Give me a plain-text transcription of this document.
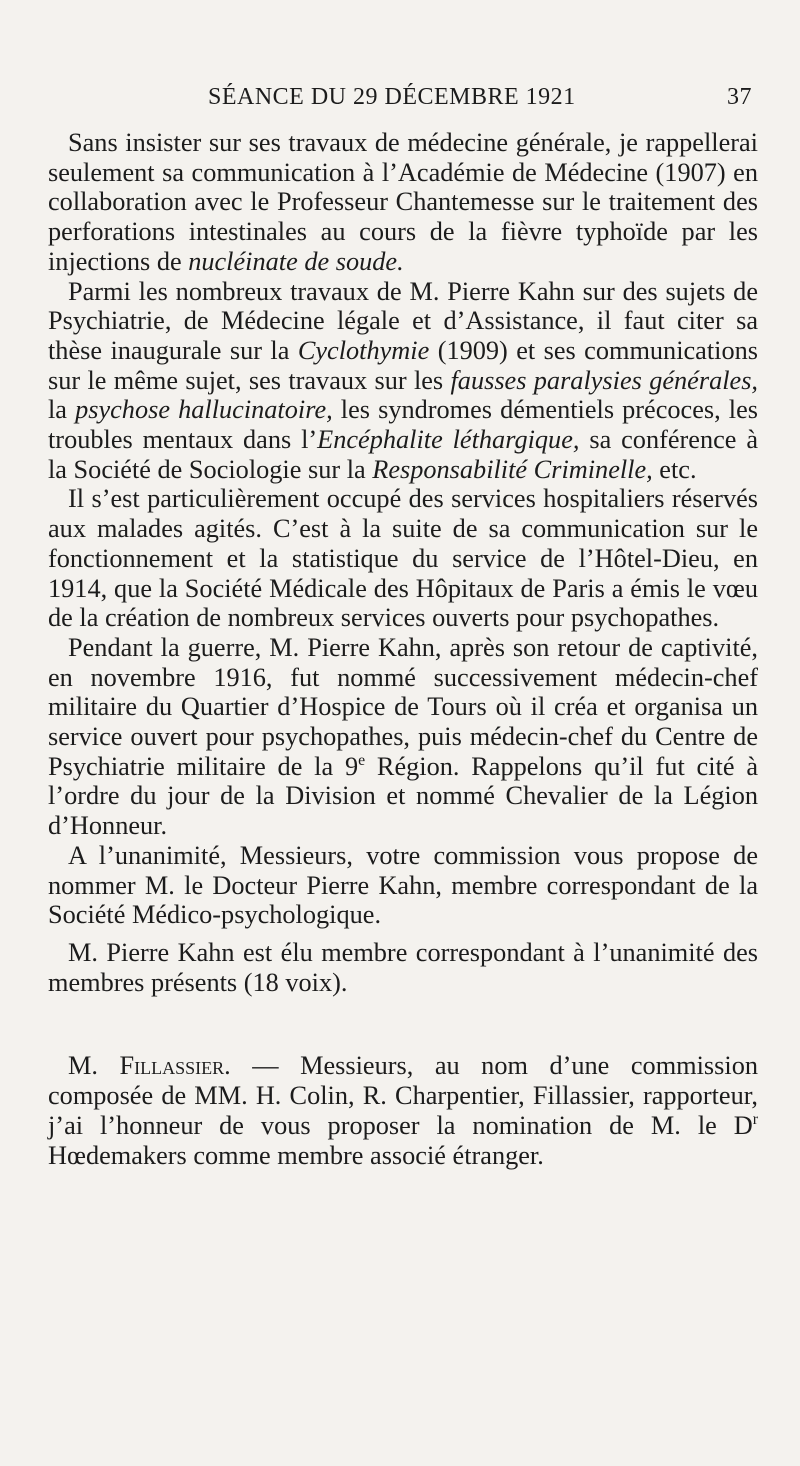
SÉANCE DU 29 DÉCEMBRE 1921	37

Sans insister sur ses travaux de médecine générale, je rappellerai seulement sa communication à l’Académie de Médecine (1907) en collaboration avec le Professeur Chantemesse sur le traitement des perforations intestinales au cours de la fièvre typhoïde par les injections de nucléinate de soude.

Parmi les nombreux travaux de M. Pierre Kahn sur des sujets de Psychiatrie, de Médecine légale et d’Assistance, il faut citer sa thèse inaugurale sur la Cyclothymie (1909) et ses communications sur le même sujet, ses travaux sur les fausses paralysies générales, la psychose hallucinatoire, les syndromes démentiels précoces, les troubles mentaux dans l’Encéphalite léthargique, sa conférence à la Société de Sociologie sur la Responsabilité Criminelle, etc.

Il s’est particulièrement occupé des services hospitaliers réservés aux malades agités. C’est à la suite de sa communication sur le fonctionnement et la statistique du service de l’Hôtel-Dieu, en 1914, que la Société Médicale des Hôpitaux de Paris a émis le vœu de la création de nombreux services ouverts pour psychopathes.

Pendant la guerre, M. Pierre Kahn, après son retour de captivité, en novembre 1916, fut nommé successivement médecin-chef militaire du Quartier d’Hospice de Tours où il créa et organisa un service ouvert pour psychopathes, puis médecin-chef du Centre de Psychiatrie militaire de la 9e Région. Rappelons qu’il fut cité à l’ordre du jour de la Division et nommé Chevalier de la Légion d’Honneur.

A l’unanimité, Messieurs, votre commission vous propose de nommer M. le Docteur Pierre Kahn, membre correspondant de la Société Médico-psychologique.

M. Pierre Kahn est élu membre correspondant à l’unanimité des membres présents (18 voix).

M. Fillassier. — Messieurs, au nom d’une commission composée de MM. H. Colin, R. Charpentier, Fillassier, rapporteur, j’ai l’honneur de vous proposer la nomination de M. le $D^r$ Hœdemakers comme membre associé étranger.
